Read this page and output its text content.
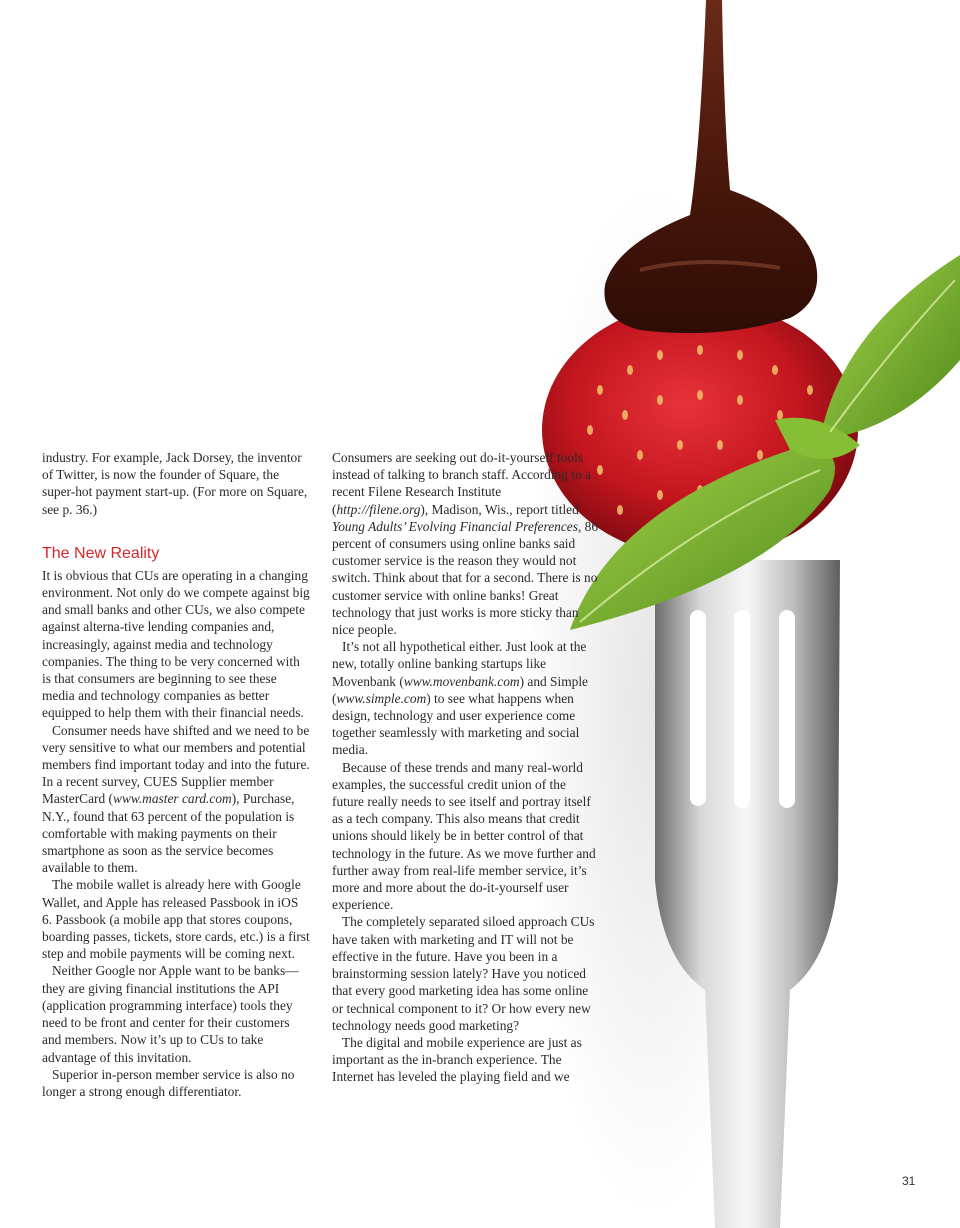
industry. For example, Jack Dorsey, the inventor of Twitter, is now the founder of Square, the super-hot payment start-up. (For more on Square, see p. 36.)

The New Reality

It is obvious that CUs are operating in a changing environment. Not only do we compete against big and small banks and other CUs, we also compete against alterna-tive lending companies and, increasingly, against media and technology companies. The thing to be very concerned with is that consumers are beginning to see these media and technology companies as better equipped to help them with their financial needs.

Consumer needs have shifted and we need to be very sensitive to what our members and potential members find important today and into the future. In a recent survey, CUES Supplier member MasterCard (www.master card.com), Purchase, N.Y., found that 63 percent of the population is comfortable with making payments on their smartphone as soon as the service becomes available to them.

The mobile wallet is already here with Google Wallet, and Apple has released Passbook in iOS 6. Passbook (a mobile app that stores coupons, boarding passes, tickets, store cards, etc.) is a first step and mobile payments will be coming next.

Neither Google nor Apple want to be banks—they are giving financial institutions the API (application programming interface) tools they need to be front and center for their customers and members. Now it’s up to CUs to take advantage of this invitation.

Superior in-person member service is also no longer a strong enough differentiator.

Consumers are seeking out do-it-yourself tools instead of talking to branch staff. According to a recent Filene Research Institute (http://filene.org), Madison, Wis., report titled Young Adults’ Evolving Financial Preferences, 86 percent of consumers using online banks said customer service is the reason they would not switch. Think about that for a second. There is no customer service with online banks! Great technology that just works is more sticky than nice people.

It’s not all hypothetical either. Just look at the new, totally online banking startups like Movenbank (www.movenbank.com) and Simple (www.simple.com) to see what happens when design, technology and user experience come together seamlessly with marketing and social media.

Because of these trends and many real-world examples, the successful credit union of the future really needs to see itself and portray itself as a tech company. This also means that credit unions should likely be in better control of that technology in the future. As we move further and further away from real-life member service, it’s more and more about the do-it-yourself user experience.

The completely separated siloed approach CUs have taken with marketing and IT will not be effective in the future. Have you been in a brainstorming session lately? Have you noticed that every good marketing idea has some online or technical component to it? Or how every new technology needs good marketing?

The digital and mobile experience are just as important as the in-branch experience. The Internet has leveled the playing field and we

31
